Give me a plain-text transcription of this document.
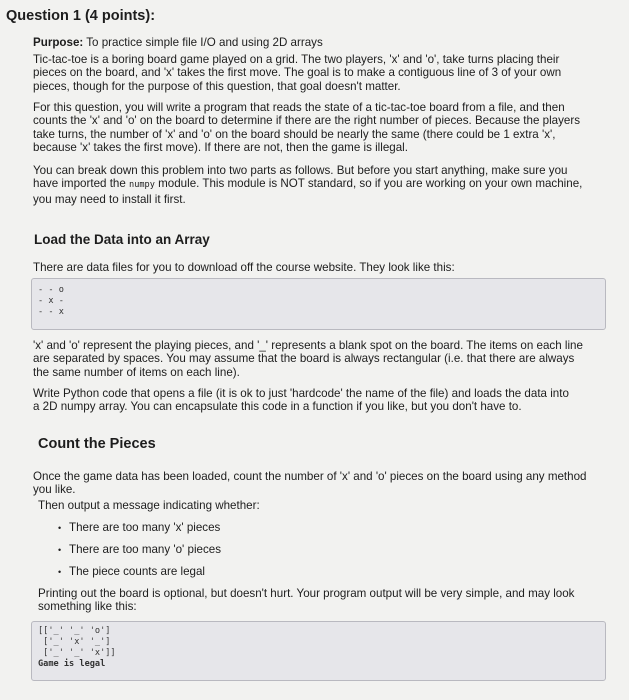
Question 1 (4 points):
Purpose: To practice simple file I/O and using 2D arrays
Tic-tac-toe is a boring board game played on a grid. The two players, 'x' and 'o', take turns placing their
pieces on the board, and 'x' takes the first move. The goal is to make a contiguous line of 3 of your own
pieces, though for the purpose of this question, that goal doesn't matter.
For this question, you will write a program that reads the state of a tic-tac-toe board from a file, and then
counts the 'x' and 'o' on the board to determine if there are the right number of pieces. Because the players
take turns, the number of 'x' and 'o' on the board should be nearly the same (there could be 1 extra 'x',
because 'x' takes the first move). If there are not, then the game is illegal.
You can break down this problem into two parts as follows. But before you start anything, make sure you
have imported the numpy module. This module is NOT standard, so if you are working on your own machine,
you may need to install it first.
Load the Data into an Array
There are data files for you to download off the course website. They look like this:
- - o
- x -
- - x
'x' and 'o' represent the playing pieces, and '_' represents a blank spot on the board. The items on each line
are separated by spaces. You may assume that the board is always rectangular (i.e. that there are always
the same number of items on each line).
Write Python code that opens a file (it is ok to just 'hardcode' the name of the file) and loads the data into
a 2D numpy array. You can encapsulate this code in a function if you like, but you don't have to.
Count the Pieces
Once the game data has been loaded, count the number of 'x' and 'o' pieces on the board using any method
you like.
Then output a message indicating whether:
• There are too many 'x' pieces
• There are too many 'o' pieces
• The piece counts are legal
Printing out the board is optional, but doesn't hurt. Your program output will be very simple, and may look
something like this:
[['_' '_' 'o']
['_' 'x' '_']
['_' '_' 'x']]
Game is legal
